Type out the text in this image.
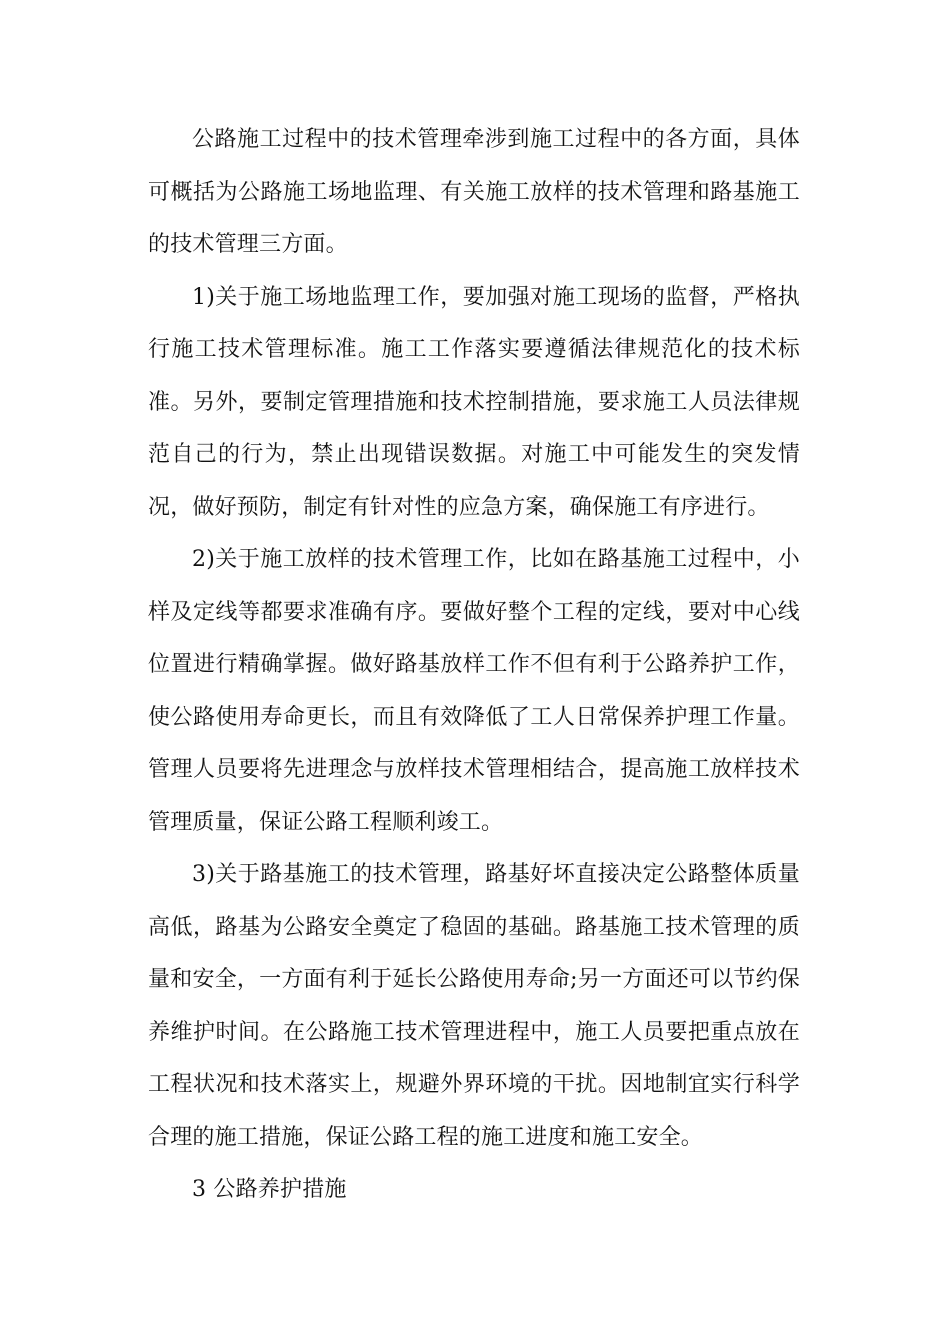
公路施工过程中的技术管理牵涉到施工过程中的各方面，具体可概括为公路施工场地监理、有关施工放样的技术管理和路基施工的技术管理三方面。

1)关于施工场地监理工作，要加强对施工现场的监督，严格执行施工技术管理标准。施工工作落实要遵循法律规范化的技术标准。另外，要制定管理措施和技术控制措施，要求施工人员法律规范自己的行为，禁止出现错误数据。对施工中可能发生的突发情况，做好预防，制定有针对性的应急方案，确保施工有序进行。

2)关于施工放样的技术管理工作，比如在路基施工过程中，小样及定线等都要求准确有序。要做好整个工程的定线，要对中心线位置进行精确掌握。做好路基放样工作不但有利于公路养护工作，使公路使用寿命更长，而且有效降低了工人日常保养护理工作量。管理人员要将先进理念与放样技术管理相结合，提高施工放样技术管理质量，保证公路工程顺利竣工。

3)关于路基施工的技术管理，路基好坏直接决定公路整体质量高低，路基为公路安全奠定了稳固的基础。路基施工技术管理的质量和安全，一方面有利于延长公路使用寿命;另一方面还可以节约保养维护时间。在公路施工技术管理进程中，施工人员要把重点放在工程状况和技术落实上，规避外界环境的干扰。因地制宜实行科学合理的施工措施，保证公路工程的施工进度和施工安全。

3 公路养护措施
